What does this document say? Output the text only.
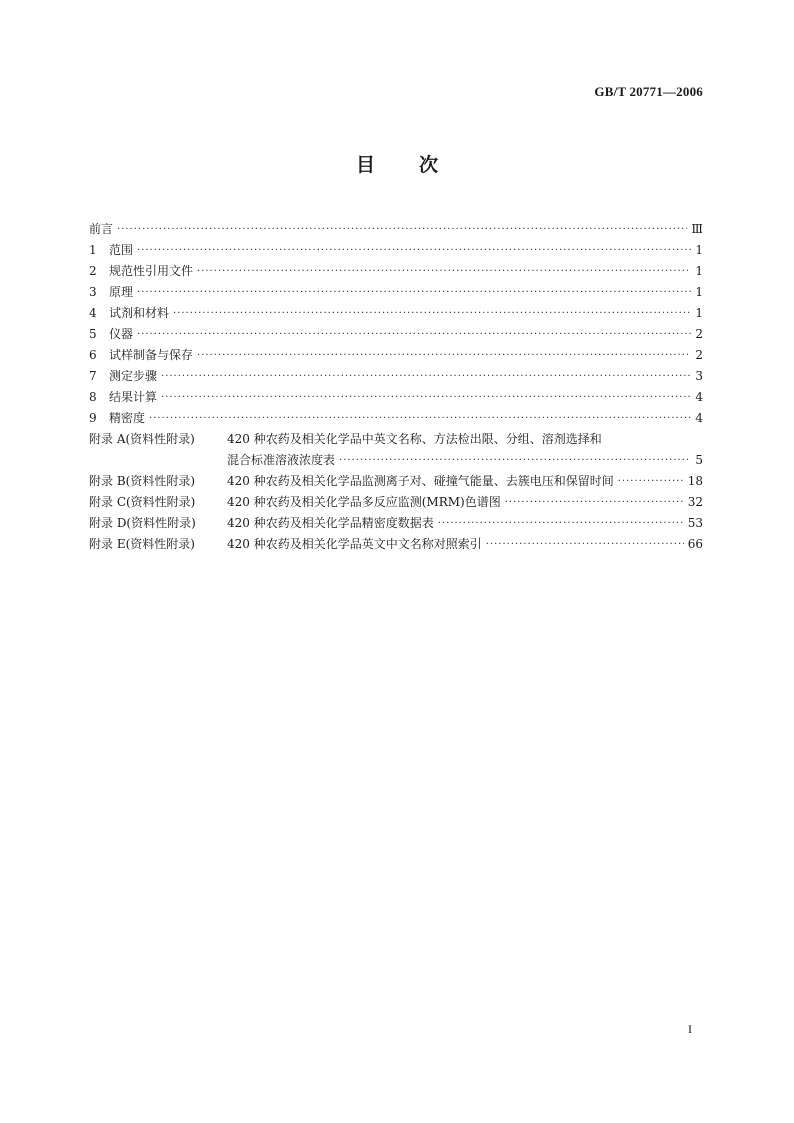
GB/T 20771—2006
目 次
前言 ·····	Ⅲ
1	范围 ·····	1
2	规范性引用文件 ·····	1
3	原理 ·····	1
4	试剂和材料 ·····	1
5	仪器 ·····	2
6	试样制备与保存 ·····	2
7	测定步骤 ·····	3
8	结果计算 ·····	4
9	精密度 ·····	4
附录 A(资料性附录)	420 种农药及相关化学品中英文名称、方法检出限、分组、溶剂选择和
混合标准溶液浓度表 ·····	5
附录 B(资料性附录)	420 种农药及相关化学品监测离子对、碰撞气能量、去簇电压和保留时间 ·····	18
附录 C(资料性附录)	420 种农药及相关化学品多反应监测(MRM)色谱图 ·····	32
附录 D(资料性附录)	420 种农药及相关化学品精密度数据表 ·····	53
附录 E(资料性附录)	420 种农药及相关化学品英文中文名称对照索引 ·····	66
I
